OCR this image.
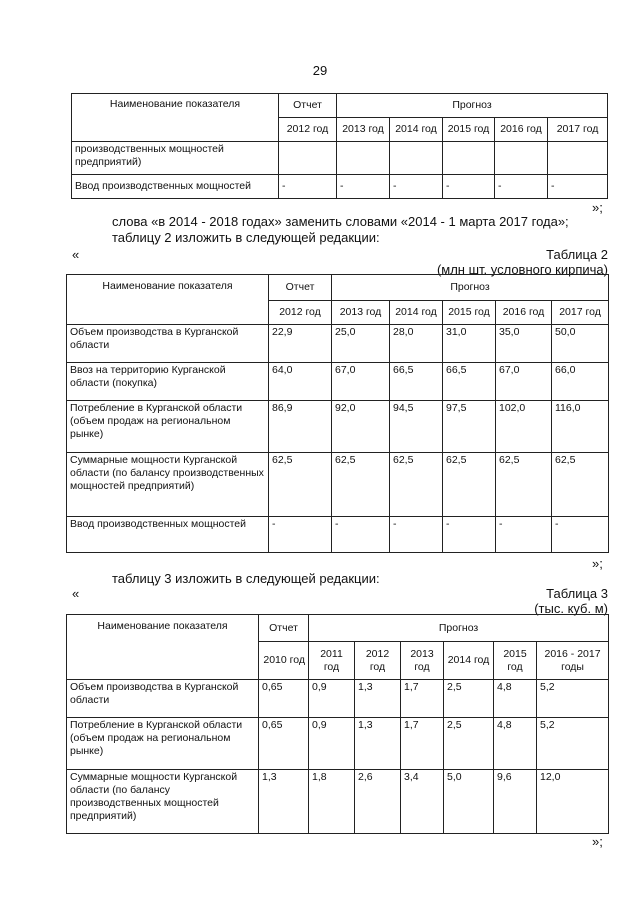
29
Наименование показателя	Отчет	Прогноз				
	2012 год	2013 год	2014 год	2015 год	2016 год	2017 год
производственных мощностей предприятий)						
Ввод производственных мощностей	-	-	-	-	-	-
»;
слова «в 2014 - 2018 годах» заменить словами «2014 - 1 марта 2017 года»;
таблицу 2 изложить в следующей редакции:
«	Таблица 2
(млн шт. условного кирпича)
Наименование показателя	Отчет	Прогноз				
	2012 год	2013 год	2014 год	2015 год	2016 год	2017 год
Объем производства в Курганской области	22,9	25,0	28,0	31,0	35,0	50,0
Ввоз на территорию Курганской области (покупка)	64,0	67,0	66,5	66,5	67,0	66,0
Потребление в Курганской области (объем продаж на региональном рынке)	86,9	92,0	94,5	97,5	102,0	116,0
Суммарные мощности Курганской области (по балансу производственных мощностей предприятий)	62,5	62,5	62,5	62,5	62,5	62,5
Ввод производственных мощностей	-	-	-	-	-	-
»;
таблицу 3 изложить в следующей редакции:
«	Таблица 3
(тыс. куб. м)
Наименование показателя	Отчет	Прогноз					
	2010 год	2011 год	2012 год	2013 год	2014 год	2015 год	2016 - 2017 годы
Объем производства в Курганской области	0,65	0,9	1,3	1,7	2,5	4,8	5,2
Потребление в Курганской области (объем продаж на региональном рынке)	0,65	0,9	1,3	1,7	2,5	4,8	5,2
Суммарные мощности Курганской области (по балансу производственных мощностей предприятий)	1,3	1,8	2,6	3,4	5,0	9,6	12,0
»;
